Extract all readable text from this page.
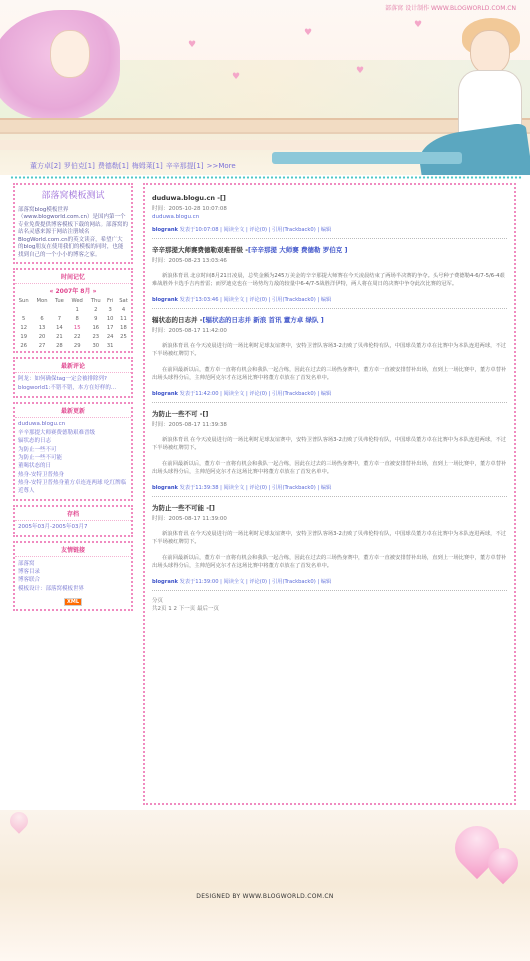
♥
♥
♥
♥
♥
部落窝 设计制作 WWW.BLOGWORLD.COM.CN
董方卓[2] 罗伯克[1] 费德勒[1] 梅姆莱[1] 辛辛那提[1] >>More
部落窝模板测试
部落窝blog模板世界（www.blogworld.com.cn）是国内第一个专业免费提供博客模板下载的网站。部落窝的站名灵感来源于网站注册域名BlogWorld.com.cn的英文读音，希望广大的blog朋友在使用我们的模板的同时，也能找到自己的一个小小的博客之家。
时间记忆
« 2007年 8月 »
Sun	Mon	Tue	Wed	Thu	Fri	Sat
			1	2	3	4
5	6	7	8	9	10	11
12	13	14	15	16	17	18
19	20	21	22	23	24	25
26	27	28	29	30	31	
最新评论
阿龙：如何确保tag一定会被排除列?
blogworld1:不错不错，本方在好样的...
最新更新
duduwa.blogu.cn
辛辛那提大师赛费德勒艰难晋级
辐状态的日志
为防止一些不可
为防止一些不可能
董喝状态的日
热身-安特卫普热身
热身-安特卫普热身董方卓连连两球 吃红牌临近尊人
存档
2005年03月-2005年03月7
友情链接
部落窝
博客目录
博客联合
模板设计：部落窝模板世界
XML
duduwa.blogu.cn -[]
时间：2005-10-28 10:07:08
duduwa.blogu.cn
blogrank 发表于10:07:08 | 阅读全文 | 评论(0) | 引用(Trackback0) | 编辑
辛辛那提大师赛费德勒艰难晋级 -[辛辛那提 大师赛 费德勒 罗伯克 ]
时间：2005-08-23 13:03:46

新浪体育讯 北京时间8月21日凌晨，总奖金额为245万美金的辛辛那提大师赛在今天凌晨结束了两场半决赛的争夺。头号种子费德勒4-6/7-5/6-4艰难战胜外卡选手吉内普雷；而罗迪克也在一场势均力敌的较量中6-4/7-5战胜洋伊特，两人将在周日的决赛中争夺此次比赛的冠军。

blogrank 发表于13:03:46 | 阅读全文 | 评论(0) | 引用(Trackback0) | 编辑
辐状态的日志并 -[辐状态的日志并 新浪 首讯 董方卓 绿队 ]
时间：2005-08-17 11:42:00

新浪体育讯 在今天凌晨进行的一场比利时足球友谊赛中，安特卫普队客场3-2击败了贝弗伦特有队，中国球员董方卓在比赛中为本队连进两球，不过下半场被红牌罚下。

在前回最新以后，董方卓一直将有机会和我队一起合练，因此在过去的三场热身赛中，董方卓一直被安排替补出场，直到上一场比赛中，董方卓替补出场头球得分后，主帅范阿克尔才在这场比赛中将董方卓放在了首发名单中。

blogrank 发表于11:42:00 | 阅读全文 | 评论(0) | 引用(Trackback0) | 编辑
为防止一些不可 -[]
时间：2005-08-17 11:39:38

新浪体育讯 在今天凌晨进行的一场比利时足球友谊赛中，安特卫普队客场3-2击败了贝弗伦特有队，中国球员董方卓在比赛中为本队连进两球，不过下半场被红牌罚下。

在前回最新以后，董方卓一直将有机会和我队一起合练，因此在过去的三场热身赛中，董方卓一直被安排替补出场，直到上一场比赛中，董方卓替补出场头球得分后，主帅范阿克尔才在这场比赛中将董方卓放在了首发名单中。

blogrank 发表于11:39:38 | 阅读全文 | 评论(0) | 引用(Trackback0) | 编辑
为防止一些不可能 -[]
时间：2005-08-17 11:39:00

新浪体育讯 在今天凌晨进行的一场比利时足球友谊赛中，安特卫普队客场3-2击败了贝弗伦特有队，中国球员董方卓在比赛中为本队连进两球，不过下半场被红牌罚下。

在前回最新以后，董方卓一直将有机会和我队一起合练，因此在过去的三场热身赛中，董方卓一直被安排替补出场，直到上一场比赛中，董方卓替补出场头球得分后，主帅范阿克尔才在这场比赛中将董方卓放在了首发名单中。

blogrank 发表于11:39:00 | 阅读全文 | 评论(0) | 引用(Trackback0) | 编辑
分页
共2页 1 2 下一页 最后一页
DESIGNED BY WWW.BLOGWORLD.COM.CN
